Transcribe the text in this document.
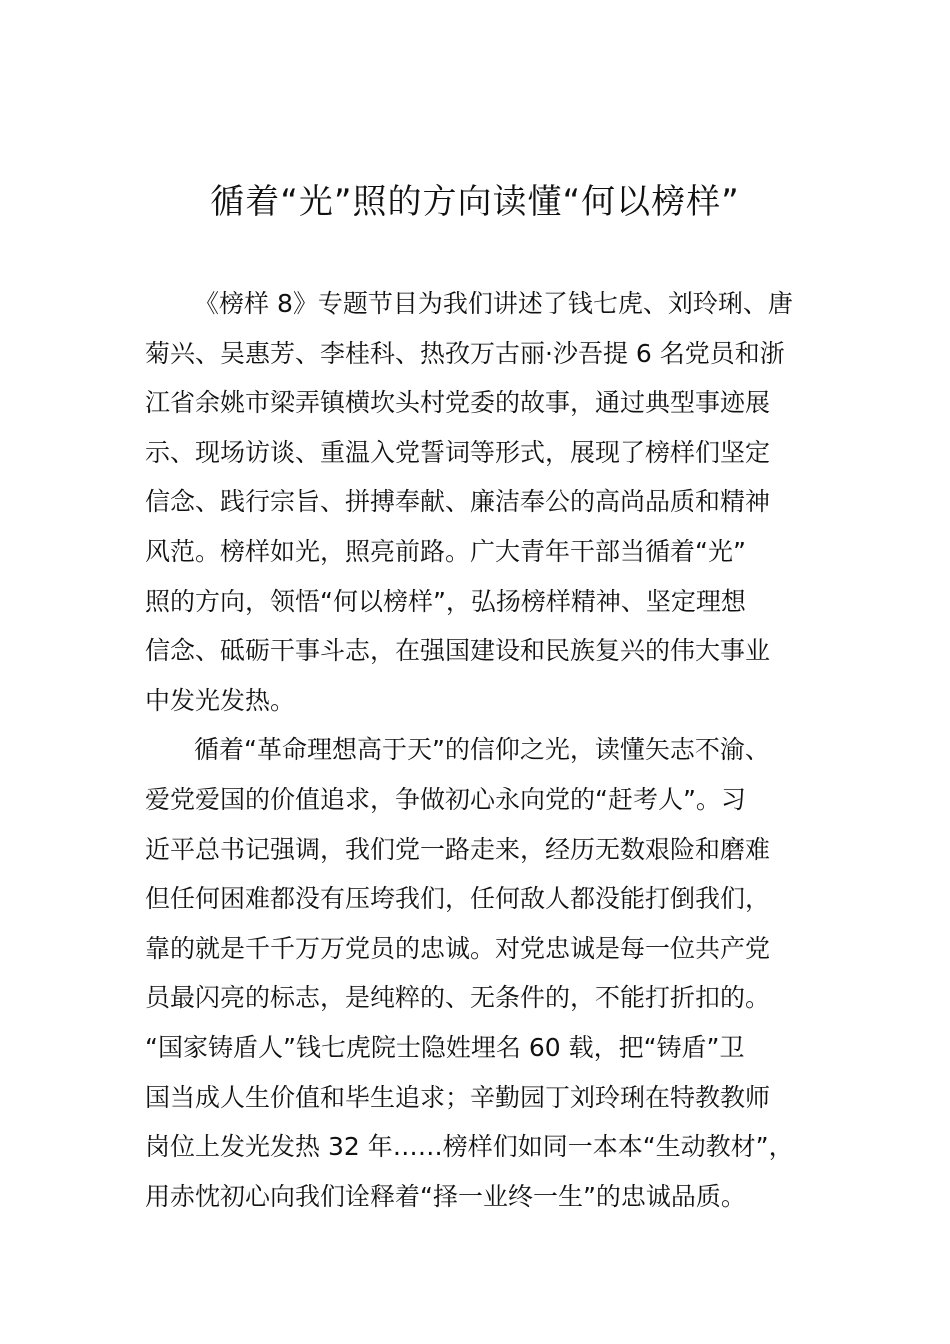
循着“光”照的方向读懂“何以榜样”
《榜样 8》专题节目为我们讲述了钱七虎、刘玲琍、唐
菊兴、吴惠芳、李桂科、热孜万古丽·沙吾提 6 名党员和浙
江省余姚市梁弄镇横坎头村党委的故事，通过典型事迹展
示、现场访谈、重温入党誓词等形式，展现了榜样们坚定
信念、践行宗旨、拼搏奉献、廉洁奉公的高尚品质和精神
风范。榜样如光，照亮前路。广大青年干部当循着“光”
照的方向，领悟“何以榜样”，弘扬榜样精神、坚定理想
信念、砥砺干事斗志，在强国建设和民族复兴的伟大事业
中发光发热。
循着“革命理想高于天”的信仰之光，读懂矢志不渝、
爱党爱国的价值追求，争做初心永向党的“赶考人”。习
近平总书记强调，我们党一路走来，经历无数艰险和磨难
但任何困难都没有压垮我们，任何敌人都没能打倒我们，
靠的就是千千万万党员的忠诚。对党忠诚是每一位共产党
员最闪亮的标志，是纯粹的、无条件的，不能打折扣的。
“国家铸盾人”钱七虎院士隐姓埋名 60 载，把“铸盾”卫
国当成人生价值和毕生追求；辛勤园丁刘玲琍在特教教师
岗位上发光发热 32 年……榜样们如同一本本“生动教材”，
用赤忱初心向我们诠释着“择一业终一生”的忠诚品质。
